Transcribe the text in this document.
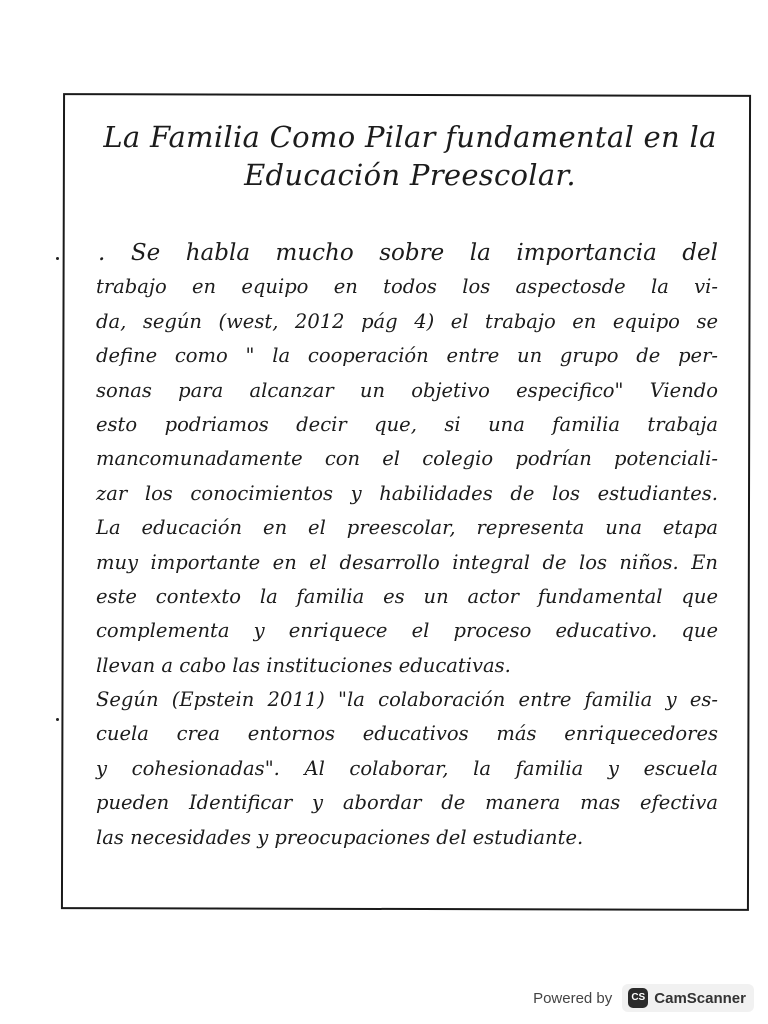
La Familia Como Pilar fundamental en la
Educación Preescolar.
. Se habla mucho sobre la importancia del
trabajo en equipo en todos los aspectosde la vi-
da, según (west, 2012 pág 4) el trabajo en equipo se
define como " la cooperación entre un grupo de per-
sonas para alcanzar un objetivo especifico" Viendo
esto podriamos decir que, si una familia trabaja
mancomunadamente con el colegio podrían potenciali-
zar los conocimientos y habilidades de los estudiantes.
La educación en el preescolar, representa una etapa
muy importante en el desarrollo integral de los niños. En
este contexto la familia es un actor fundamental que
complementa y enriquece el proceso educativo. que
llevan a cabo las instituciones educativas.
Según (Epstein 2011) "la colaboración entre familia y es-
cuela crea entornos educativos más enriquecedores
y cohesionadas". Al colaborar, la familia y escuela
pueden Identificar y abordar de manera mas efectiva
las necesidades y preocupaciones del estudiante.
Powered by	CS CamScanner
